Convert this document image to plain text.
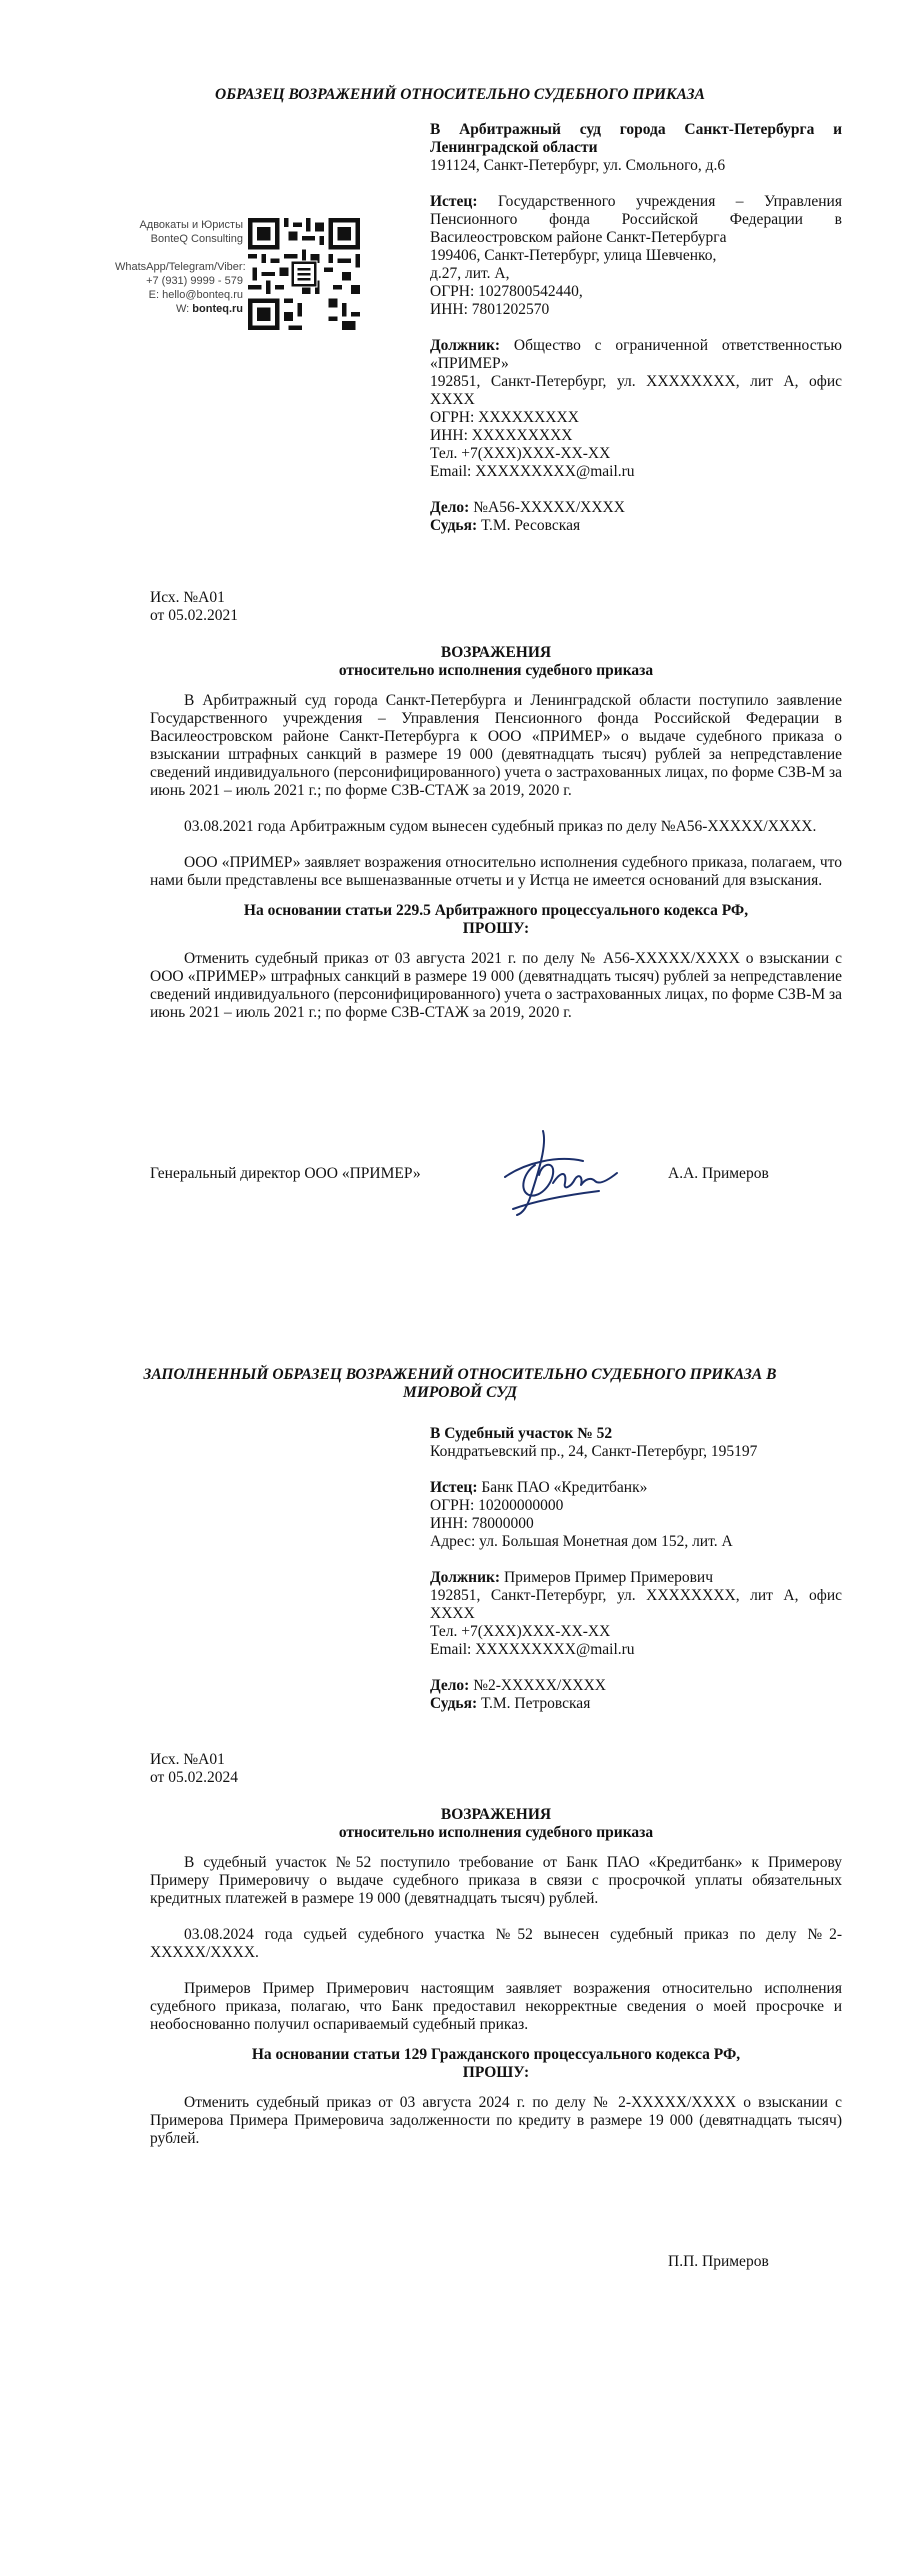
ОБРАЗЕЦ ВОЗРАЖЕНИЙ ОТНОСИТЕЛЬНО СУДЕБНОГО ПРИКАЗА
Адвокаты и Юристы
BonteQ Consulting
WhatsApp/Telegram/Viber:
+7 (931) 9999 - 579
E: hello@bonteq.ru
W: bonteq.ru

В Арбитражный суд города Санкт-Петербурга и Ленинградской области

191124, Санкт-Петербург, ул. Смольного, д.6

Истец: Государственного учреждения – Управления Пенсионного фонда Российской Федерации в Василеостровском районе Санкт-Петербурга

199406, Санкт-Петербург, улица Шевченко,

д.27, лит. А,

ОГРН: 1027800542440,

ИНН: 7801202570

Должник: Общество с ограниченной ответственностью «ПРИМЕР»

192851, Санкт-Петербург, ул. XXXXXXXX, лит А, офис XXXX

ОГРН: XXXXXXXXX

ИНН: XXXXXXXXX

Тел. +7(XXX)XXX-XX-XX

Email: XXXXXXXXX@mail.ru

Дело: №А56-XXXXX/XXXX

Судья: Т.М. Ресовская

Исх. №А01
от 05.02.2021
ВОЗРАЖЕНИЯ
относительно исполнения судебного приказа

В Арбитражный суд города Санкт-Петербурга и Ленинградской области поступило заявление Государственного учреждения – Управления Пенсионного фонда Российской Федерации в Василеостровском районе Санкт-Петербурга к ООО «ПРИМЕР» о выдаче судебного приказа о взыскании штрафных санкций в размере 19 000 (девятнадцать тысяч) рублей за непредставление сведений индивидуального (персонифицированного) учета о застрахованных лицах, по форме СЗВ-М за июнь 2021 – июль 2021 г.; по форме СЗВ-СТАЖ за 2019, 2020 г.

03.08.2021 года Арбитражным судом вынесен судебный приказ по делу №А56-XXXXX/XXXX.

ООО «ПРИМЕР» заявляет возражения относительно исполнения судебного приказа, полагаем, что нами были представлены все вышеназванные отчеты и у Истца не имеется оснований для взыскания.

На основании статьи 229.5 Арбитражного процессуального кодекса РФ,
ПРОШУ:

Отменить судебный приказ от 03 августа 2021 г. по делу № А56-XXXXX/XXXX о взыскании с ООО «ПРИМЕР» штрафных санкций в размере 19 000 (девятнадцать тысяч) рублей за непредставление сведений индивидуального (персонифицированного) учета о застрахованных лицах, по форме СЗВ-М за июнь 2021 – июль 2021 г.; по форме СЗВ-СТАЖ за 2019, 2020 г.

Генеральный директор ООО «ПРИМЕР»	А.А. Примеров
ЗАПОЛНЕННЫЙ ОБРАЗЕЦ ВОЗРАЖЕНИЙ ОТНОСИТЕЛЬНО СУДЕБНОГО ПРИКАЗА В МИРОВОЙ СУД

В Судебный участок № 52

Кондратьевский пр., 24, Санкт-Петербург, 195197

Истец: Банк ПАО «Кредитбанк»

ОГРН: 10200000000

ИНН: 78000000

Адрес: ул. Большая Монетная дом 152, лит. А

Должник: Примеров Пример Примерович

192851, Санкт-Петербург, ул. XXXXXXXX, лит А, офис XXXX

Тел. +7(XXX)XXX-XX-XX

Email: XXXXXXXXX@mail.ru

Дело: №2-XXXXX/XXXX

Судья: Т.М. Петровская

Исх. №А01
от 05.02.2024
ВОЗРАЖЕНИЯ
относительно исполнения судебного приказа

В судебный участок №52 поступило требование от Банк ПАО «Кредитбанк» к Примерову Примеру Примеровичу о выдаче судебного приказа в связи с просрочкой уплаты обязательных кредитных платежей в размере 19 000 (девятнадцать тысяч) рублей.

03.08.2024 года судьей судебного участка №52 вынесен судебный приказ по делу №2-XXXXX/XXXX.

Примеров Пример Примерович настоящим заявляет возражения относительно исполнения судебного приказа, полагаю, что Банк предоставил некорректные сведения о моей просрочке и необоснованно получил оспариваемый судебный приказ.

На основании статьи 129 Гражданского процессуального кодекса РФ,
ПРОШУ:

Отменить судебный приказ от 03 августа 2024 г. по делу № 2-XXXXX/XXXX о взыскании с Примерова Примера Примеровича задолженности по кредиту в размере 19 000 (девятнадцать тысяч) рублей.

П.П. Примеров
